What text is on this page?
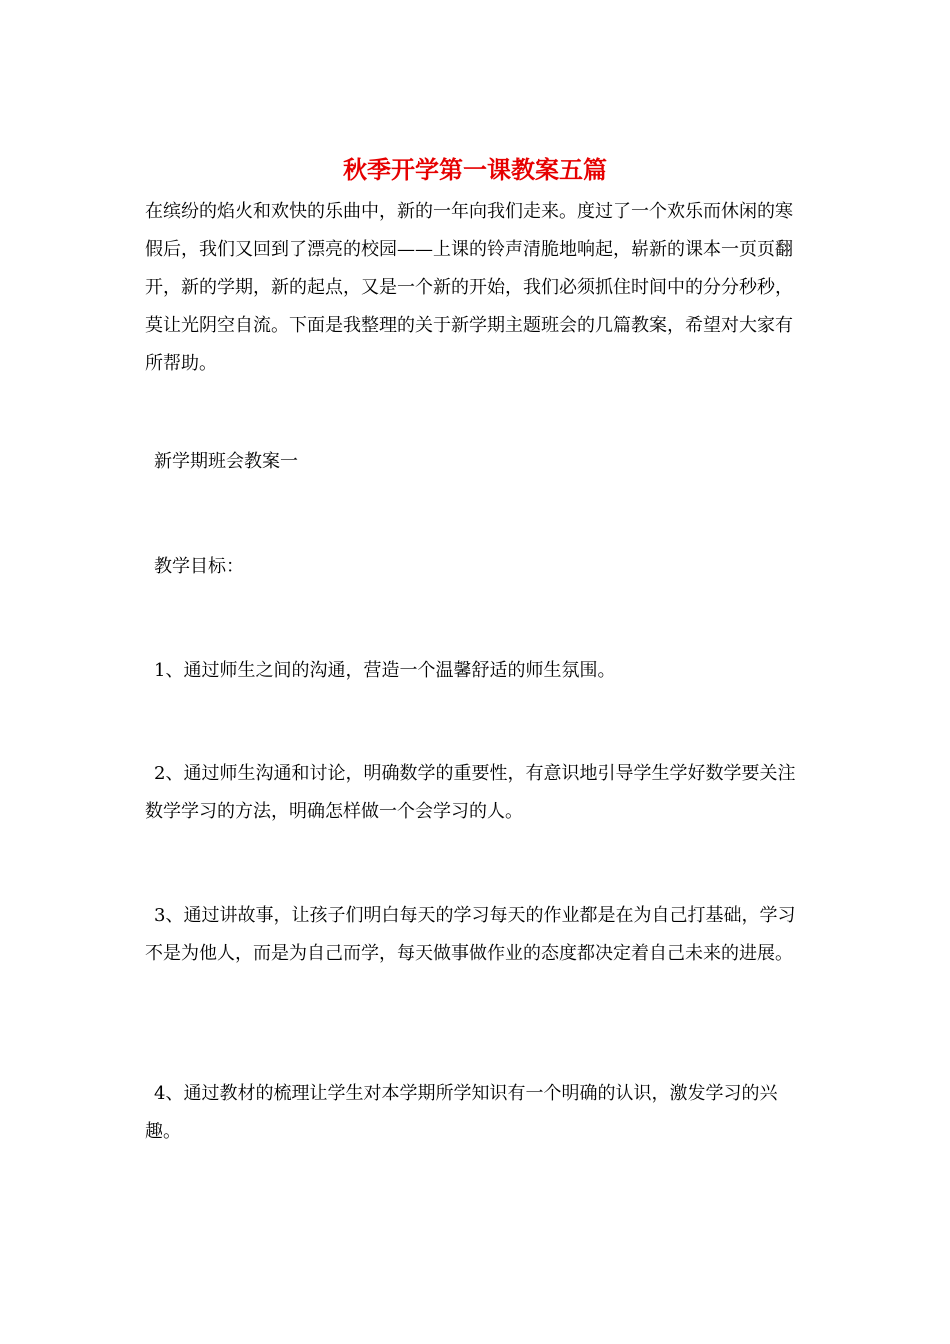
秋季开学第一课教案五篇

在缤纷的焰火和欢快的乐曲中，新的一年向我们走来。度过了一个欢乐而休闲的寒假后，我们又回到了漂亮的校园——上课的铃声清脆地响起，崭新的课本一页页翻开，新的学期，新的起点，又是一个新的开始，我们必须抓住时间中的分分秒秒，莫让光阴空自流。下面是我整理的关于新学期主题班会的几篇教案，希望对大家有所帮助。

新学期班会教案一

教学目标：

1、通过师生之间的沟通，营造一个温馨舒适的师生氛围。

2、通过师生沟通和讨论，明确数学的重要性，有意识地引导学生学好数学要关注数学学习的方法，明确怎样做一个会学习的人。

3、通过讲故事，让孩子们明白每天的学习每天的作业都是在为自己打基础，学习不是为他人，而是为自己而学，每天做事做作业的态度都决定着自己未来的进展。

4、通过教材的梳理让学生对本学期所学知识有一个明确的认识，激发学习的兴趣。
